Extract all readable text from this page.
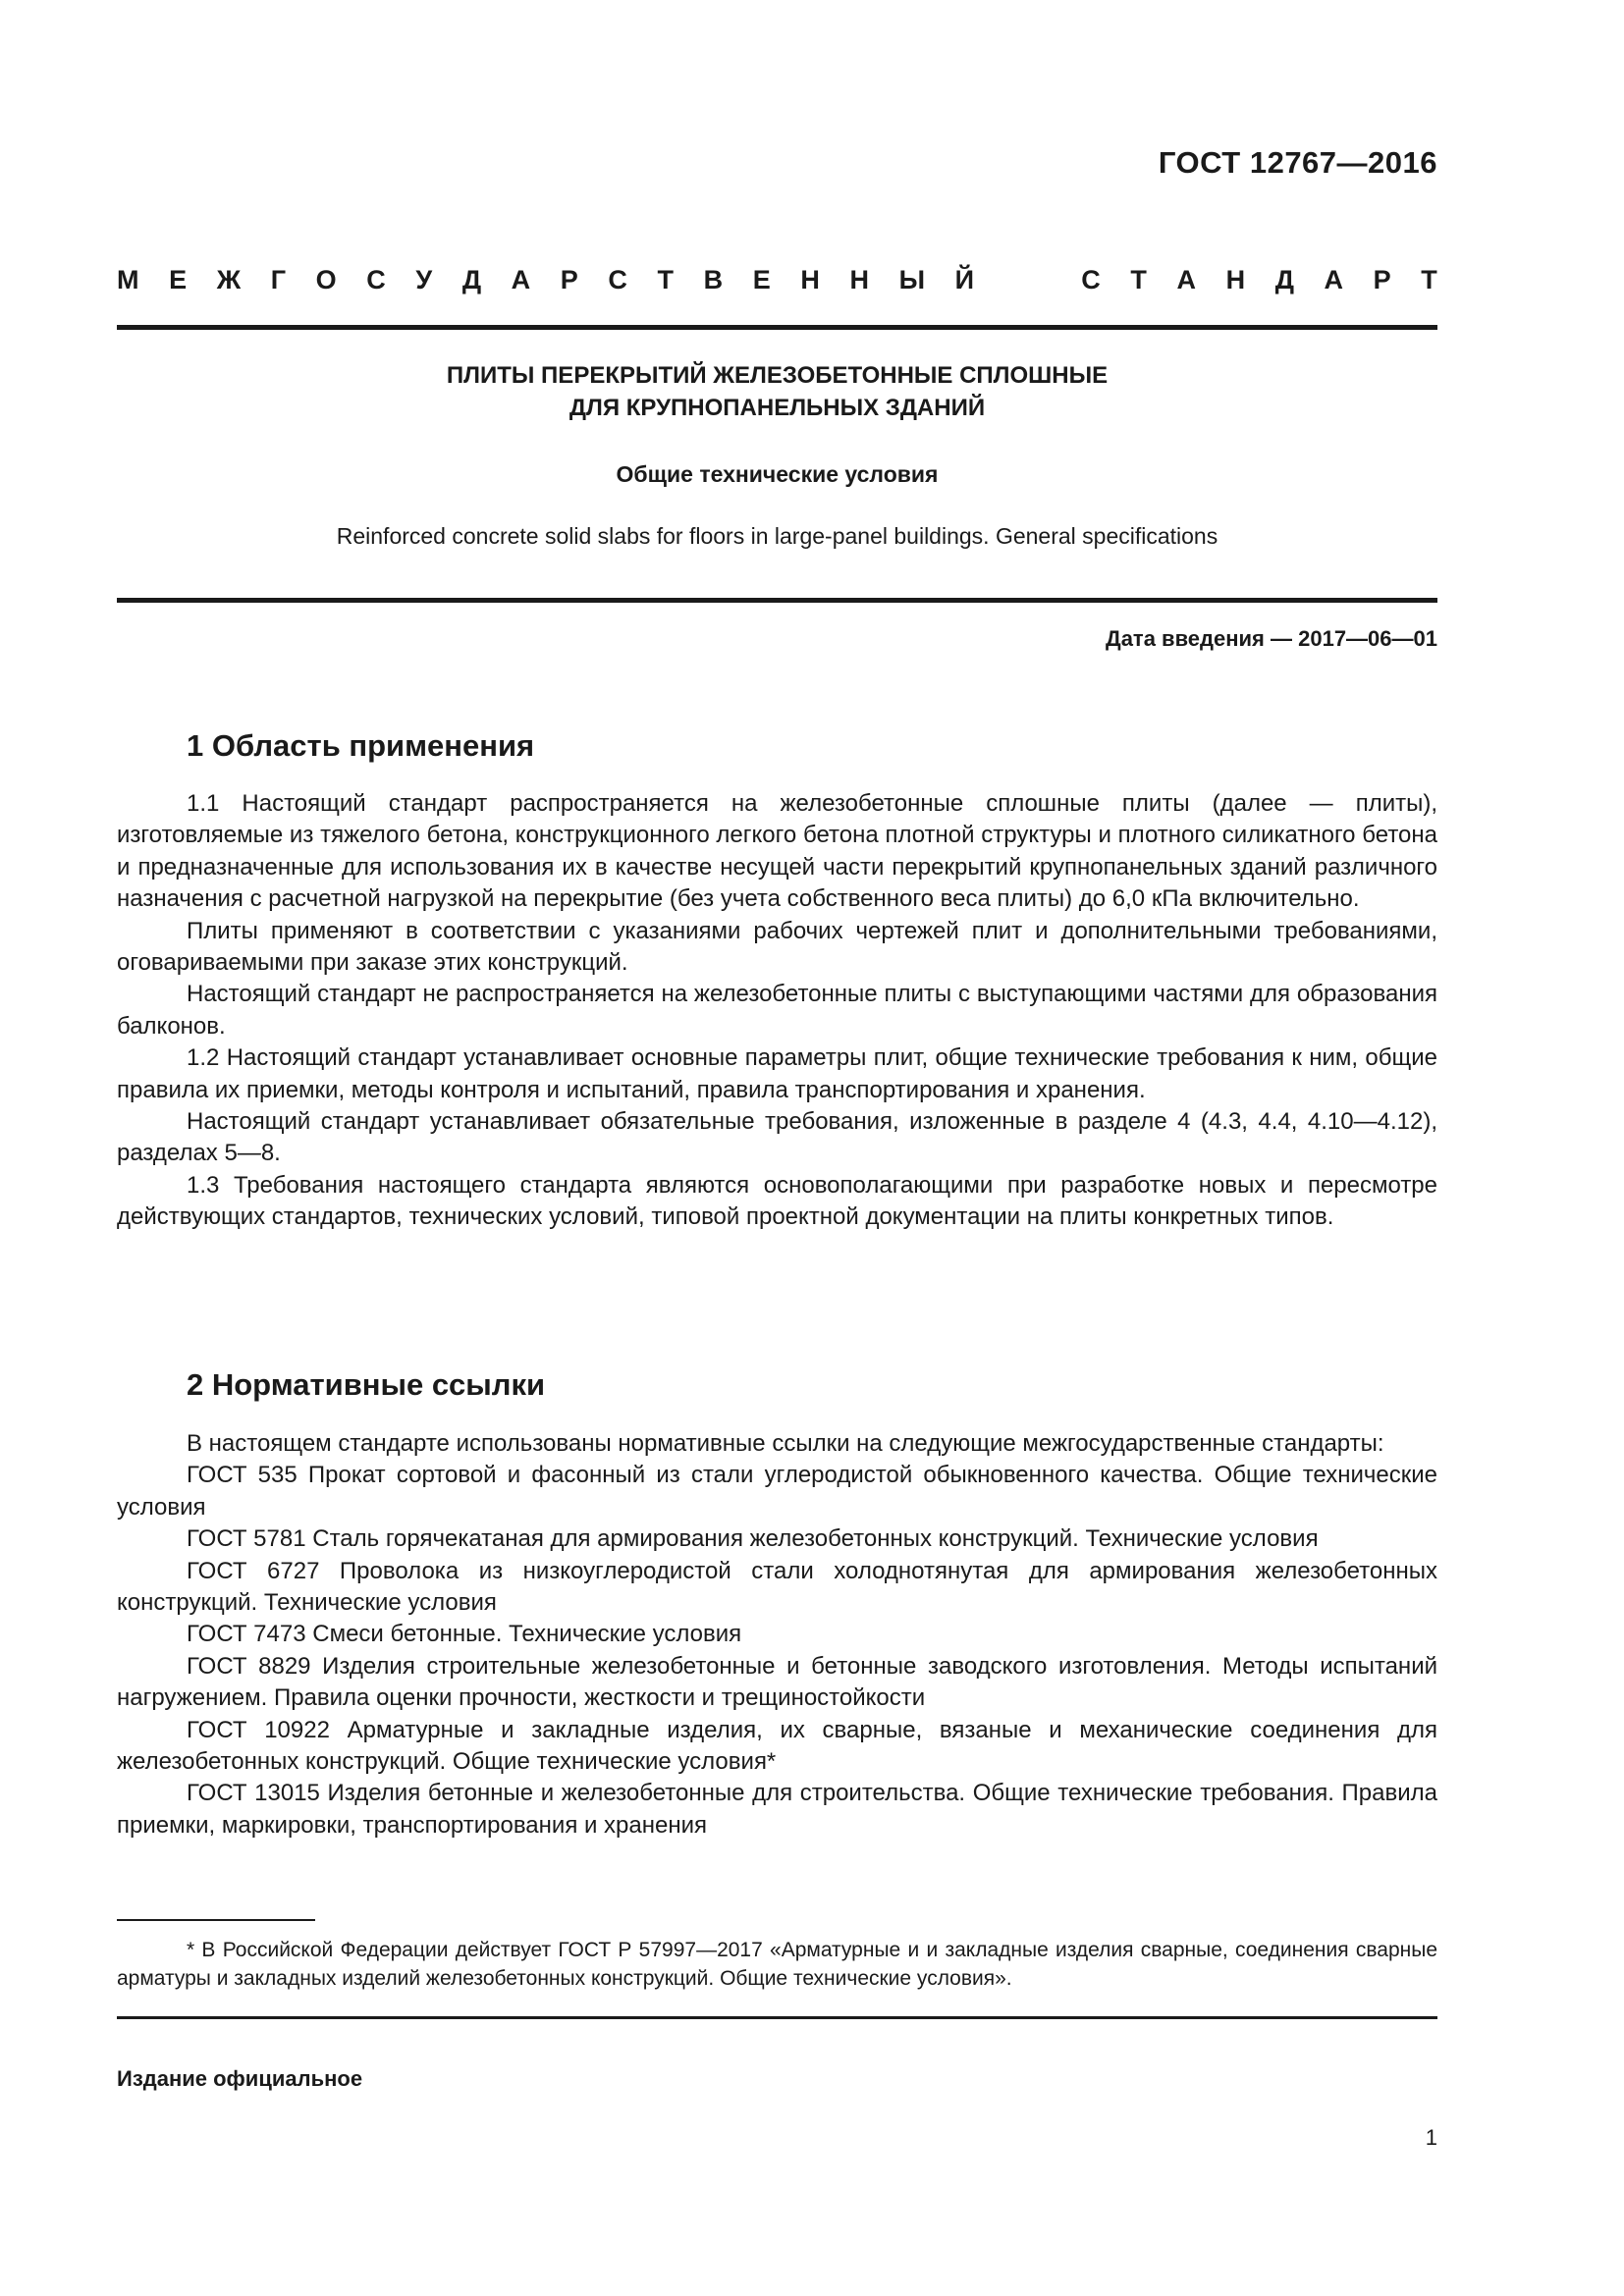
ГОСТ 12767—2016
М Е Ж Г О С У Д А Р С Т В Е Н Н Ы Й	С Т А Н Д А Р Т
ПЛИТЫ ПЕРЕКРЫТИЙ ЖЕЛЕЗОБЕТОННЫЕ СПЛОШНЫЕ
ДЛЯ КРУПНОПАНЕЛЬНЫХ ЗДАНИЙ
Общие технические условия
Reinforced concrete solid slabs for floors in large-panel buildings. General specifications
Дата введения — 2017—06—01
1 Область применения

1.1 Настоящий стандарт распространяется на железобетонные сплошные плиты (далее — плиты), изготовляемые из тяжелого бетона, конструкционного легкого бетона плотной структуры и плотного силикатного бетона и предназначенные для использования их в качестве несущей части перекрытий крупнопанельных зданий различного назначения с расчетной нагрузкой на перекрытие (без учета собственного веса плиты) до 6,0 кПа включительно.

Плиты применяют в соответствии с указаниями рабочих чертежей плит и дополнительными требованиями, оговариваемыми при заказе этих конструкций.

Настоящий стандарт не распространяется на железобетонные плиты с выступающими частями для образования балконов.

1.2 Настоящий стандарт устанавливает основные параметры плит, общие технические требования к ним, общие правила их приемки, методы контроля и испытаний, правила транспортирования и хранения.

Настоящий стандарт устанавливает обязательные требования, изложенные в разделе 4 (4.3, 4.4, 4.10—4.12), разделах 5—8.

1.3 Требования настоящего стандарта являются основополагающими при разработке новых и пересмотре действующих стандартов, технических условий, типовой проектной документации на плиты конкретных типов.

2 Нормативные ссылки

В настоящем стандарте использованы нормативные ссылки на следующие межгосударственные стандарты:

ГОСТ 535 Прокат сортовой и фасонный из стали углеродистой обыкновенного качества. Общие технические условия

ГОСТ 5781 Сталь горячекатаная для армирования железобетонных конструкций. Технические условия

ГОСТ 6727 Проволока из низкоуглеродистой стали холоднотянутая для армирования железобетонных конструкций. Технические условия

ГОСТ 7473 Смеси бетонные. Технические условия

ГОСТ 8829 Изделия строительные железобетонные и бетонные заводского изготовления. Методы испытаний нагружением. Правила оценки прочности, жесткости и трещиностойкости

ГОСТ 10922 Арматурные и закладные изделия, их сварные, вязаные и механические соединения для железобетонных конструкций. Общие технические условия*

ГОСТ 13015 Изделия бетонные и железобетонные для строительства. Общие технические требования. Правила приемки, маркировки, транспортирования и хранения

* В Российской Федерации действует ГОСТ Р 57997—2017 «Арматурные и и закладные изделия сварные, соединения сварные арматуры и закладных изделий железобетонных конструкций. Общие технические условия».
Издание официальное
1
